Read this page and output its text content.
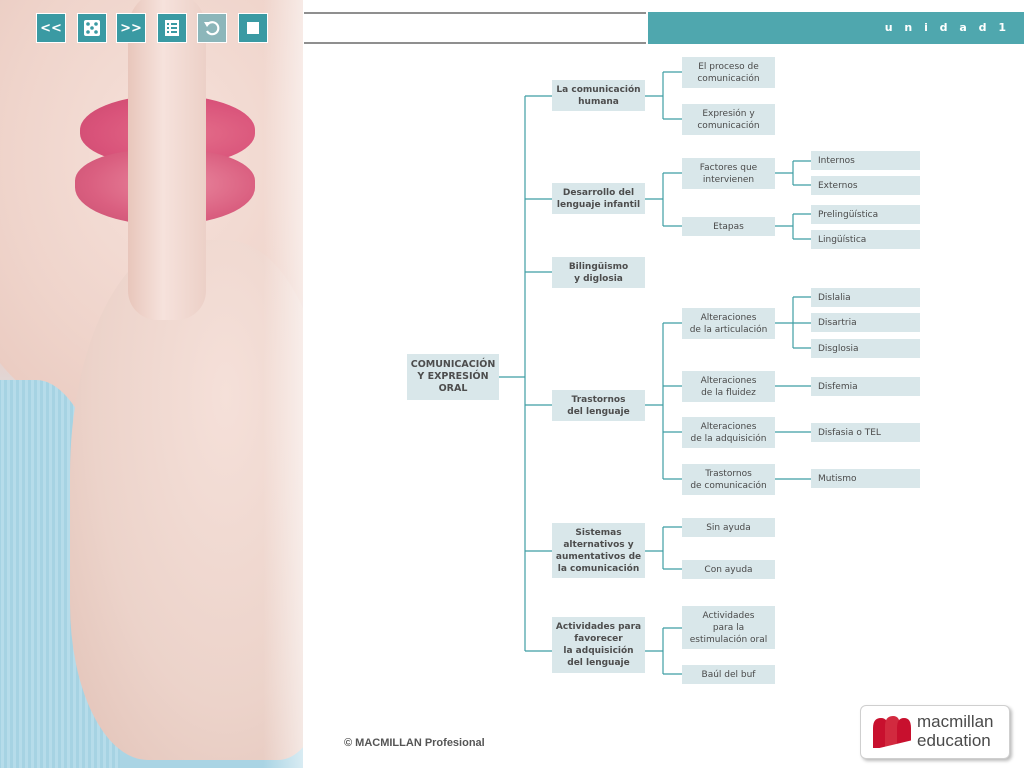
<<	>>	u n i d a d 1
COMUNICACIÓN
Y EXPRESIÓN
ORAL
La comunicación
humana
Desarrollo del
lenguaje infantil
Bilingüismo
y diglosia
Trastornos
del lenguaje
Sistemas
alternativos y
aumentativos de
la comunicación
Actividades para
favorecer
la adquisición
del lenguaje
El proceso de
comunicación
Expresión y
comunicación
Factores que
intervienen
Etapas
Alteraciones
de la articulación
Alteraciones
de la fluidez
Alteraciones
de la adquisición
Trastornos
de comunicación
Sin ayuda
Con ayuda
Actividades
para la
estimulación oral
Baúl del buf
Internos
Externos
Prelingüística
Lingüística
Dislalia
Disartria
Disglosia
Disfemia
Disfasia o TEL
Mutismo
© MACMILLAN Profesional
macmillan
education
